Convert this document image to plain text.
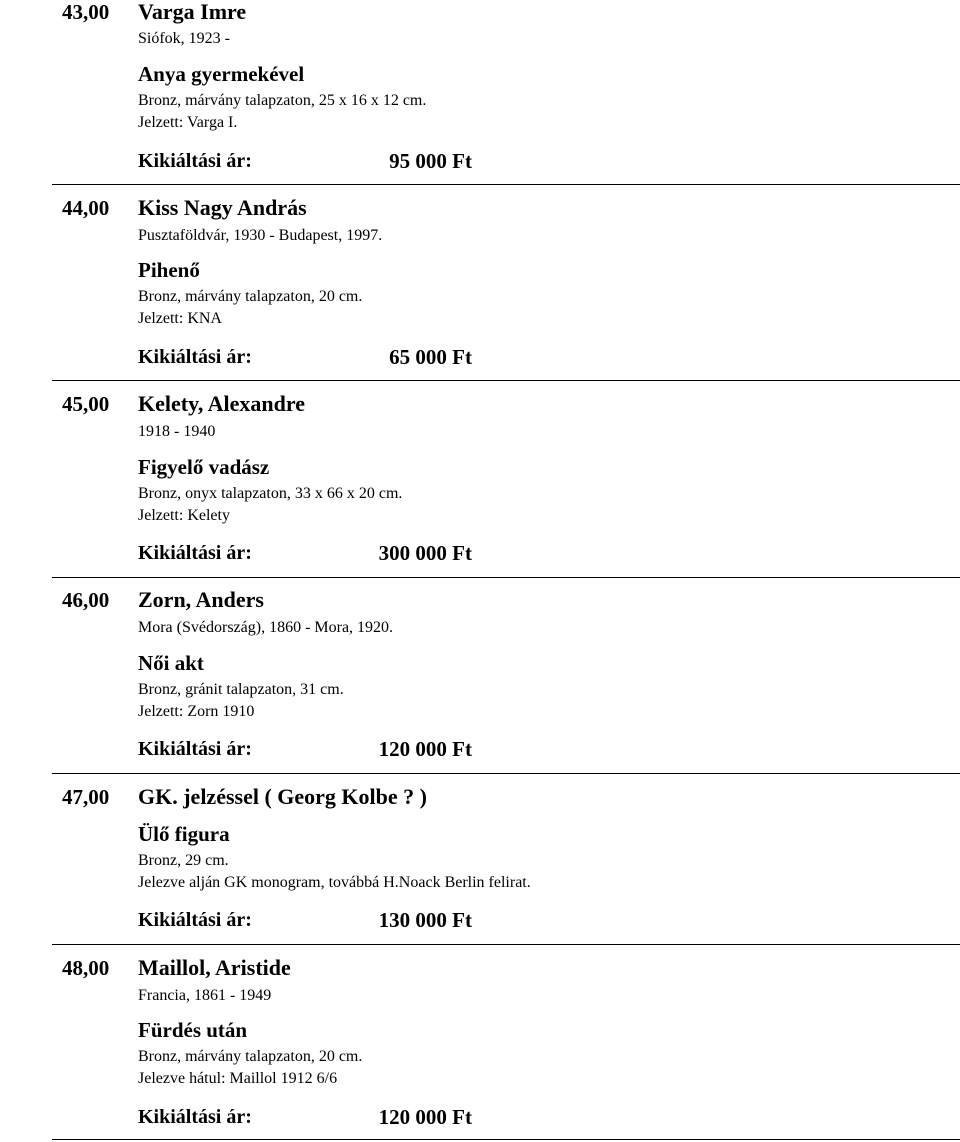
43,00 Varga Imre
Siófok, 1923 -
Anya gyermekével
Bronz, márvány talapzaton, 25 x 16 x 12 cm.
Jelzett: Varga I.
Kikiáltási ár:	95 000 Ft
44,00 Kiss Nagy András
Pusztaföldvár, 1930 - Budapest, 1997.
Pihenő
Bronz, márvány talapzaton, 20 cm.
Jelzett: KNA
Kikiáltási ár:	65 000 Ft
45,00 Kelety, Alexandre
1918 - 1940
Figyelő vadász
Bronz, onyx talapzaton, 33 x 66 x 20 cm.
Jelzett: Kelety
Kikiáltási ár:	300 000 Ft
46,00 Zorn, Anders
Mora (Svédország), 1860 - Mora, 1920.
Női akt
Bronz, gránit talapzaton, 31 cm.
Jelzett: Zorn 1910
Kikiáltási ár:	120 000 Ft
47,00 GK. jelzéssel ( Georg Kolbe ? )
Ülő figura
Bronz, 29 cm.
Jelezve alján GK monogram, továbbá H.Noack Berlin felirat.
Kikiáltási ár:	130 000 Ft
48,00 Maillol, Aristide
Francia, 1861 - 1949
Fürdés után
Bronz, márvány talapzaton, 20 cm.
Jelezve hátul: Maillol 1912 6/6
Kikiáltási ár:	120 000 Ft
